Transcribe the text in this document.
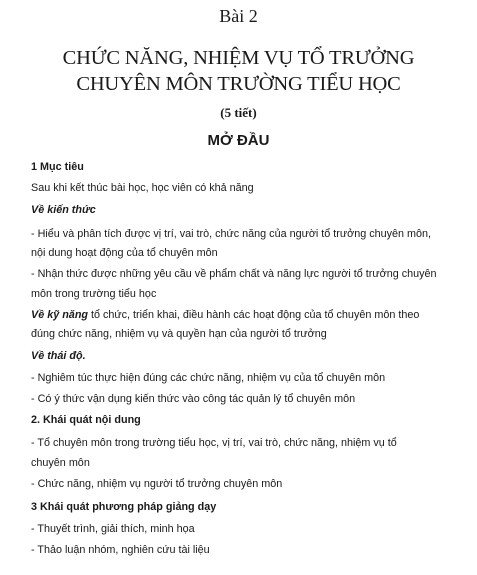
Bài 2
CHỨC NĂNG, NHIỆM VỤ TỔ TRƯỞNG
CHUYÊN MÔN TRƯỜNG TIỂU HỌC
(5 tiết)
MỞ ĐẦU
1 Mục tiêu
Sau khi kết thúc bài học, học viên có khả năng
Về kiến thức
- Hiểu và phân tích được vị trí, vai trò, chức năng của người tổ trưởng chuyên môn,
nội dung hoạt động của tổ chuyên môn
- Nhận thức được những yêu cầu về phẩm chất và năng lực người tổ trưởng chuyên
môn trong trường tiểu học
Về kỹ năng tổ chức, triển khai, điều hành các hoạt động của tổ chuyên môn theo
đúng chức năng, nhiệm vụ và quyền hạn của người tổ trưởng
Về thái độ.
- Nghiêm túc thực hiện đúng các chức năng, nhiệm vụ của tổ chuyên môn
- Có ý thức vận dụng kiến thức vào công tác quản lý tổ chuyên môn
2. Khái quát nội dung
- Tổ chuyên môn trong trường tiểu học, vị trí, vai trò, chức năng, nhiệm vụ tổ
chuyên môn
- Chức năng, nhiệm vụ người tổ trưởng chuyên môn
3 Khái quát phương pháp giảng dạy
- Thuyết trình, giải thích, minh họa
- Thảo luận nhóm, nghiên cứu tài liệu
